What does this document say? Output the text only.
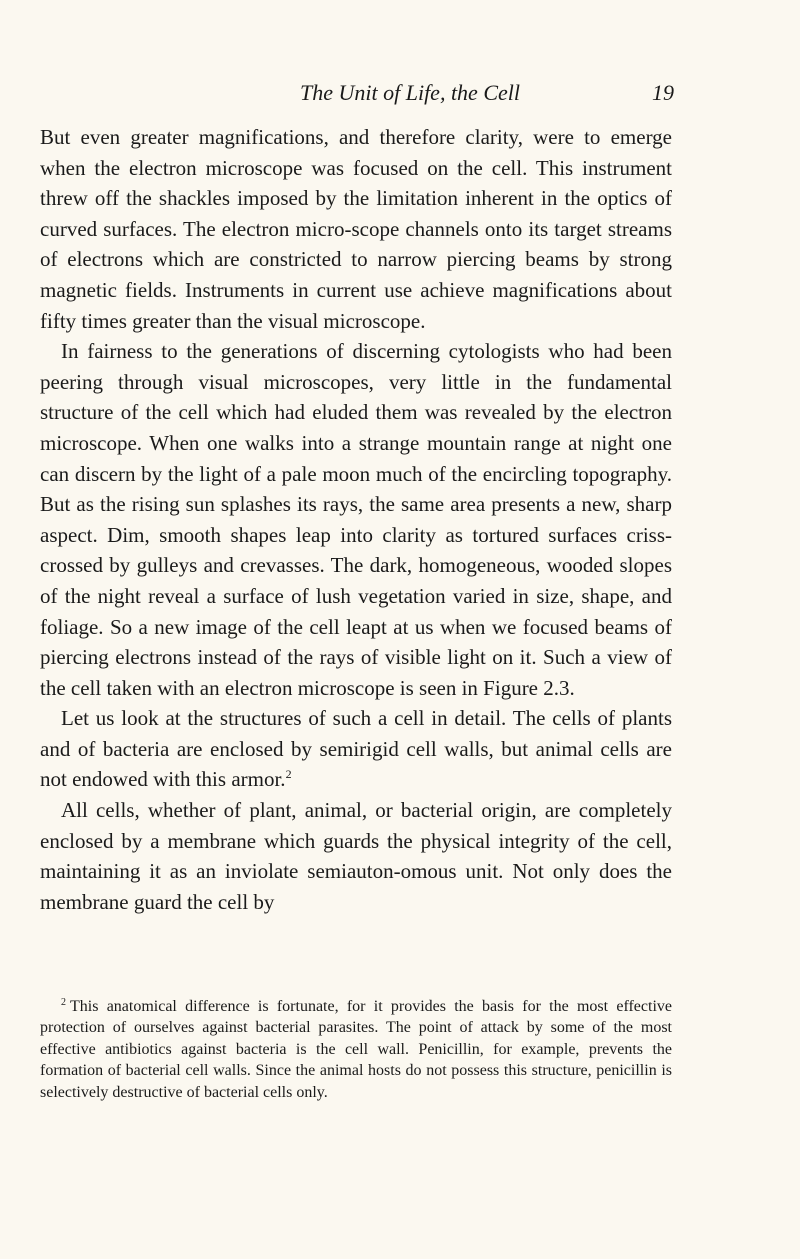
The Unit of Life, the Cell	19

But even greater magnifications, and therefore clarity, were to emerge when the electron microscope was focused on the cell. This instrument threw off the shackles imposed by the limitation inherent in the optics of curved surfaces. The electron micro-scope channels onto its target streams of electrons which are constricted to narrow piercing beams by strong magnetic fields. Instruments in current use achieve magnifications about fifty times greater than the visual microscope.

In fairness to the generations of discerning cytologists who had been peering through visual microscopes, very little in the fundamental structure of the cell which had eluded them was revealed by the electron microscope. When one walks into a strange mountain range at night one can discern by the light of a pale moon much of the encircling topography. But as the rising sun splashes its rays, the same area presents a new, sharp aspect. Dim, smooth shapes leap into clarity as tortured surfaces criss-crossed by gulleys and crevasses. The dark, homogeneous, wooded slopes of the night reveal a surface of lush vegetation varied in size, shape, and foliage. So a new image of the cell leapt at us when we focused beams of piercing electrons instead of the rays of visible light on it. Such a view of the cell taken with an electron microscope is seen in Figure 2.3.

Let us look at the structures of such a cell in detail. The cells of plants and of bacteria are enclosed by semirigid cell walls, but animal cells are not endowed with this armor.$^2$

All cells, whether of plant, animal, or bacterial origin, are completely enclosed by a membrane which guards the physical integrity of the cell, maintaining it as an inviolate semiauton-omous unit. Not only does the membrane guard the cell by

$^2$ This anatomical difference is fortunate, for it provides the basis for the most effective protection of ourselves against bacterial parasites. The point of attack by some of the most effective antibiotics against bacteria is the cell wall. Penicillin, for example, prevents the formation of bacterial cell walls. Since the animal hosts do not possess this structure, penicillin is selectively destructive of bacterial cells only.
